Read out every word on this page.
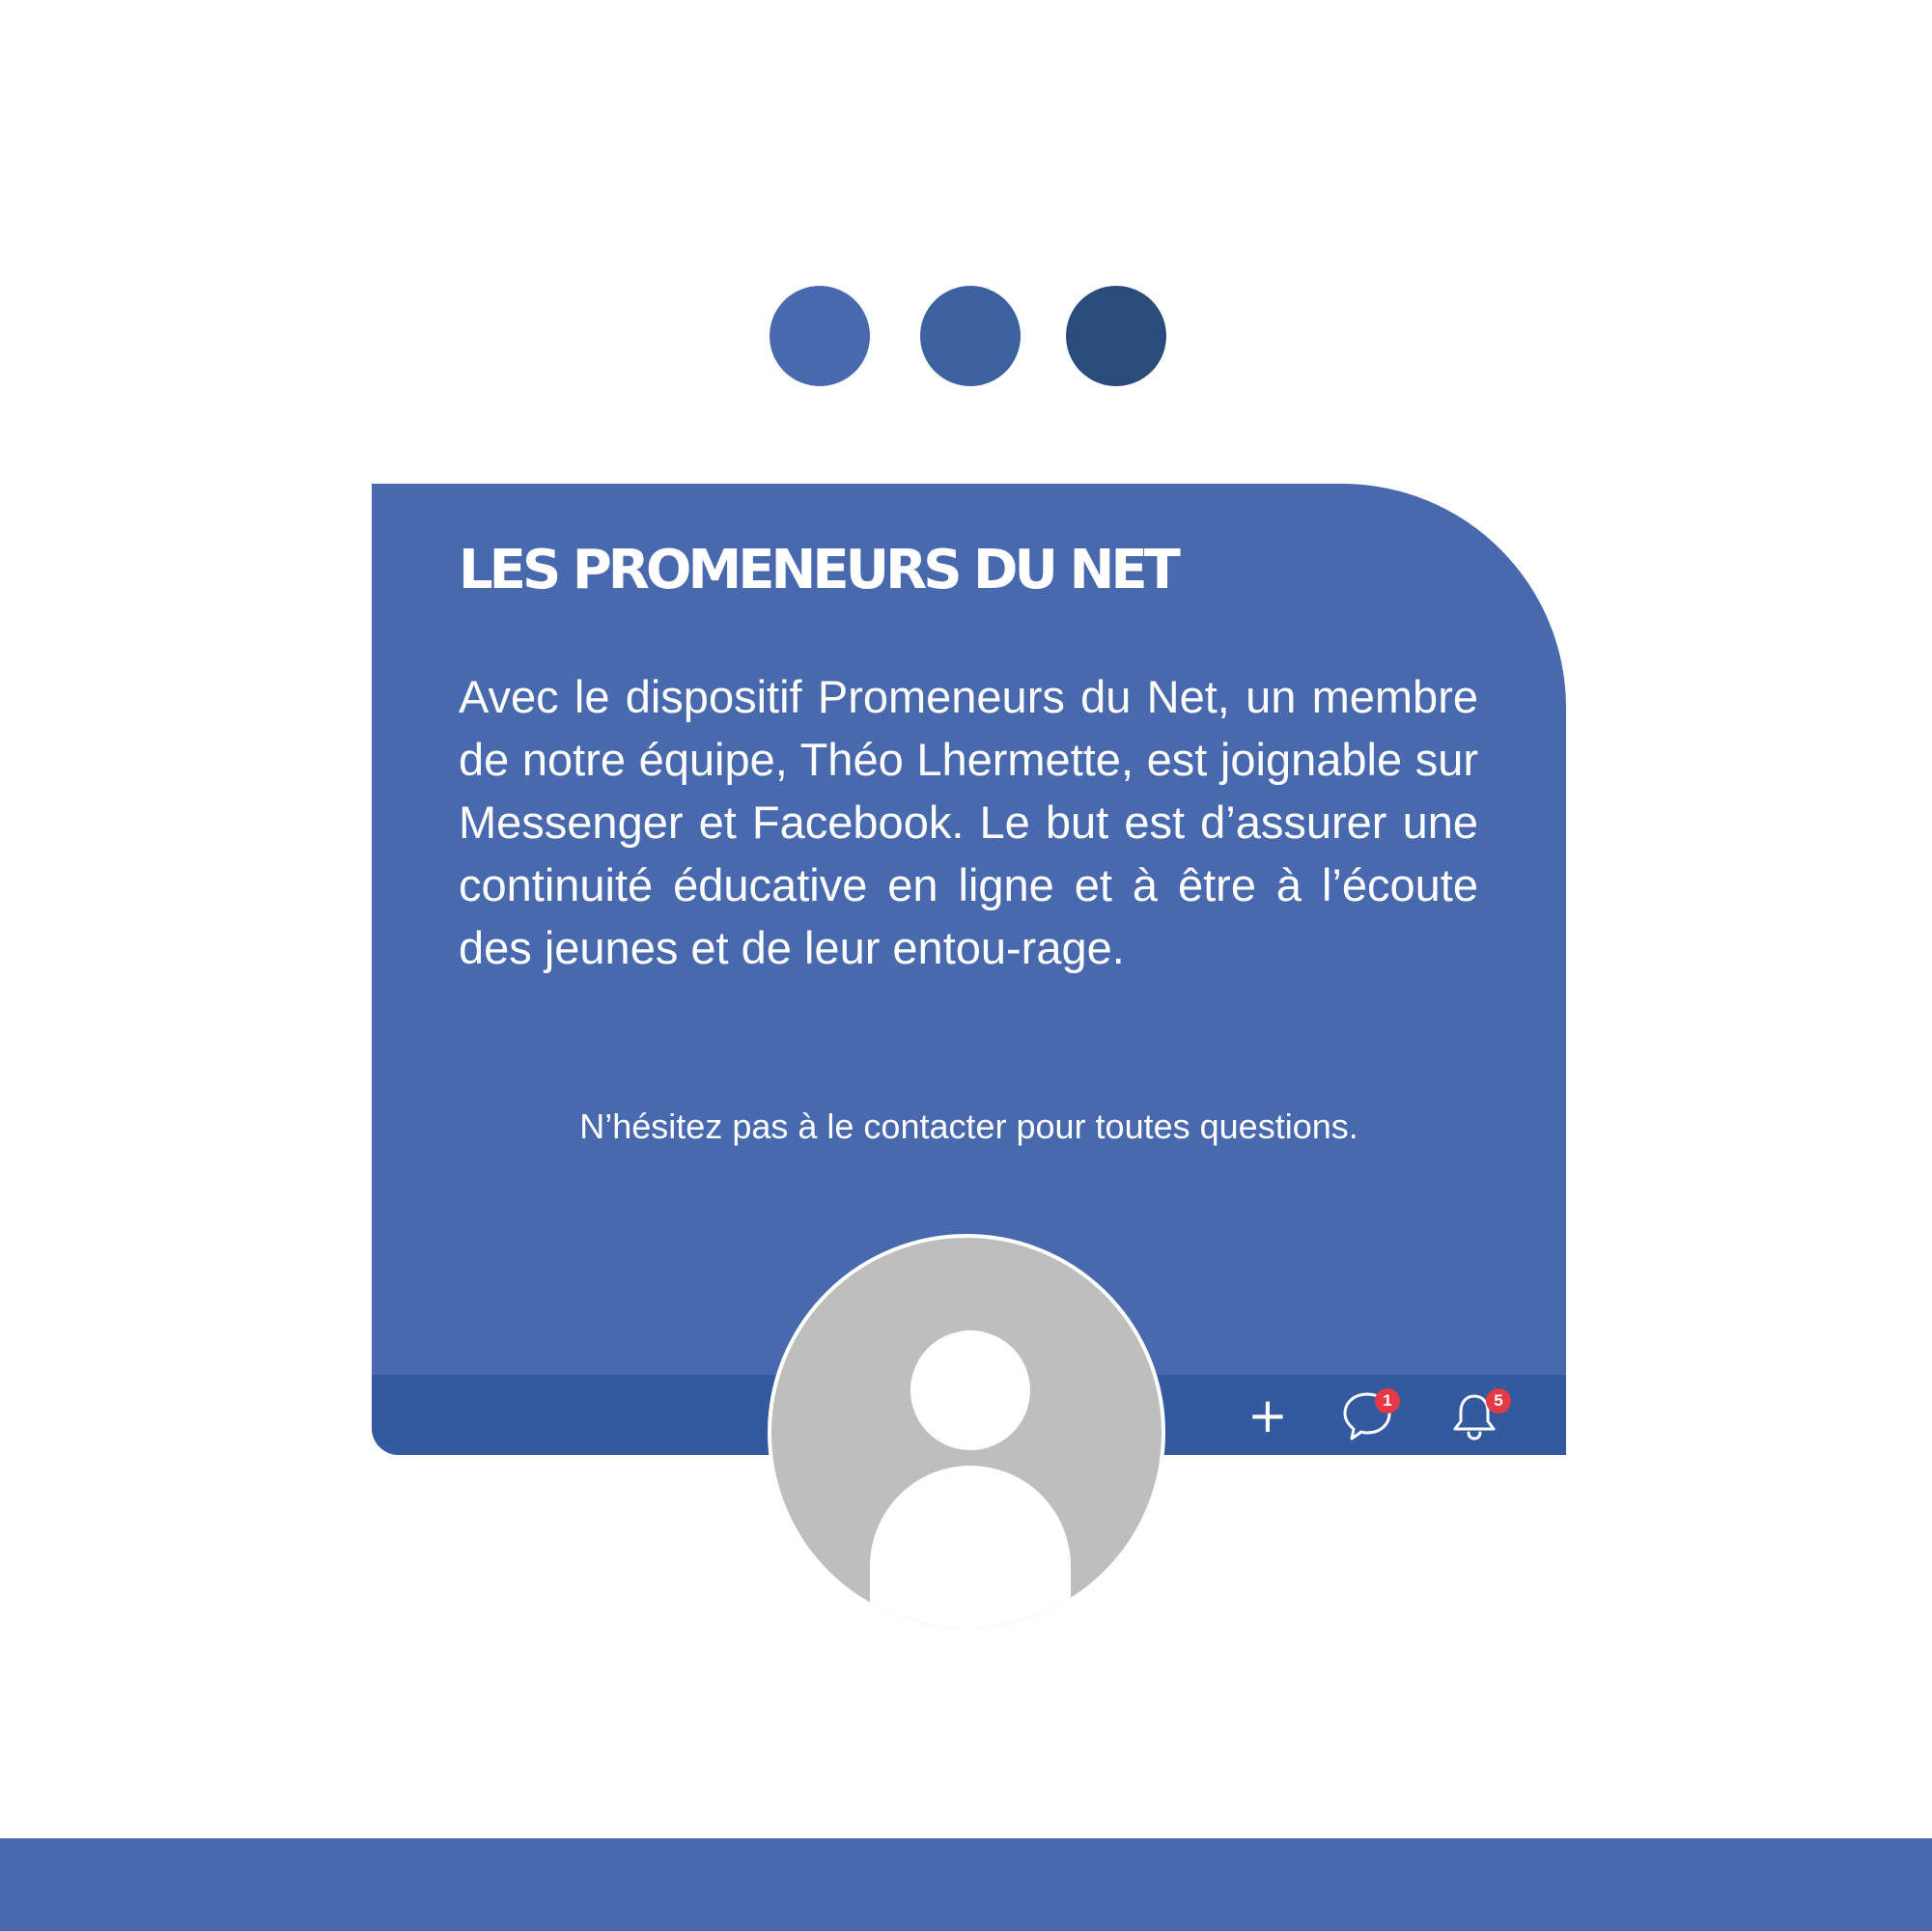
LES PROMENEURS DU NET

Avec le dispositif Promeneurs du Net, un membre de notre équipe, Théo Lhermette, est joignable sur Messenger et Facebook. Le but est d’assurer une continuité éducative en ligne et à être à l’écoute des jeunes et de leur entou-rage.

N’hésitez pas à le contacter pour toutes questions.

+	1	5
